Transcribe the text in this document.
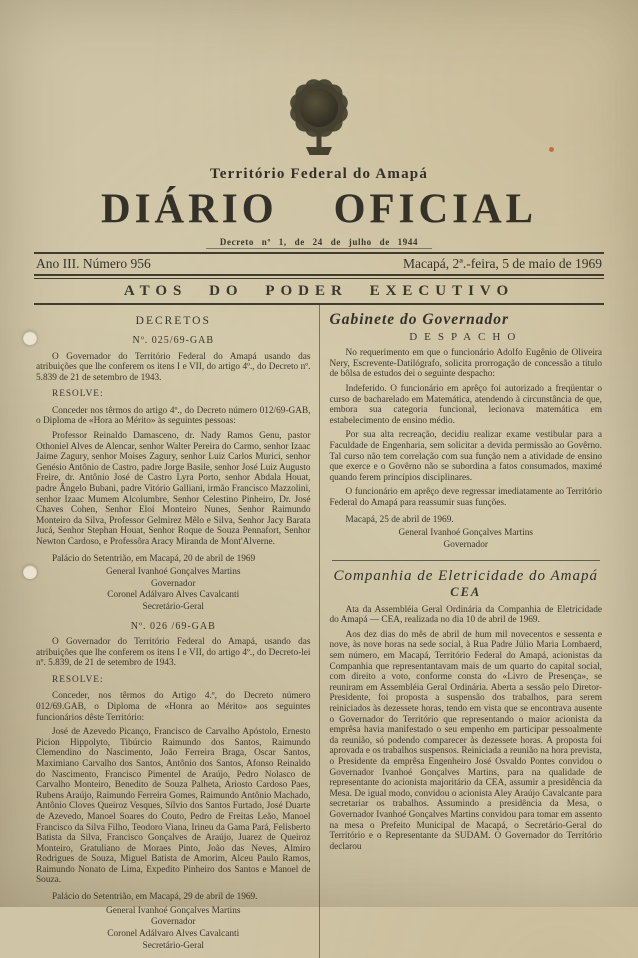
Território Federal do Amapá
DIÁRIO OFICIAL
Decreto nº 1, de 24 de julho de 1944
Ano III. Número 956	Macapá, 2ª.-feira, 5 de maio de 1969
ATOS DO PODER EXECUTIVO
DECRETOS
Nº. 025/69-GAB

O Governador do Território Federal do Amapá usando das atribuições que lhe conferem os itens I e VII, do artigo 4º., do Decreto nº. 5.839 de 21 de setembro de 1943.

RESOLVE:

Conceder nos têrmos do artigo 4º., do Decreto número 012/69-GAB, o Diploma de «Hora ao Mérito» às seguintes pessoas:

Professor Reinaldo Damasceno, dr. Nady Ramos Genu, pastor Othoniel Alves de Alencar, senhor Walter Pereira do Carmo, senhor Izaac Jaime Zagury, senhor Moises Zagury, senhor Luiz Carlos Murici, senhor Genésio Antônio de Castro, padre Jorge Basile, senhor José Luiz Augusto Freire, dr. Antônio José de Castro Lyra Porto, senhor Abdala Houat, padre Ângelo Bubani, padre Vitório Galliani, irmão Francisco Mazzolini, senhor Izaac Mumem Alcolumbre, Senhor Celestino Pinheiro, Dr. José Chaves Cohen, Senhor Eloí Monteiro Nunes, Senhor Raimundo Monteiro da Silva, Professor Gelmirez Mêlo e Silva, Senhor Jacy Barata Jucá, Senhor Stephan Houat, Senhor Roque de Souza Pennafort, Senhor Newton Cardoso, e Professôra Aracy Miranda de Mont'Alverne.

Palácio do Setentrião, em Macapá, 20 de abril de 1969

General Ivanhoé Gonçalves Martins
Governador
Coronel Adálvaro Alves Cavalcanti
Secretário-Geral
Nº. 026 /69-GAB

O Governador do Território Federal do Amapá, usando das atribuições que lhe conferem os itens I e VII, do artigo 4º., do Decreto-lei nº. 5.839, de 21 de setembro de 1943.

RESOLVE:

Conceder, nos têrmos do Artigo 4.º, do Decreto número 012/69.GAB, o Diploma de «Honra ao Mérito» aos seguintes funcionários dêste Território:

José de Azevedo Picanço, Francisco de Carvalho Apóstolo, Ernesto Picion Hippolyto, Tibúrcio Raimundo dos Santos, Raimundo Clemendino do Nascimento, João Ferreira Braga, Oscar Santos, Maximiano Carvalho dos Santos, Antônio dos Santos, Afonso Reinaldo do Nascimento, Francisco Pimentel de Araújo, Pedro Nolasco de Carvalho Monteiro, Benedito de Souza Palheta, Ariosto Cardoso Paes, Rubens Araújo, Raimundo Ferreira Gomes, Raimundo Antônio Machado, Antônio Cloves Queiroz Vesques, Sílvio dos Santos Furtado, José Duarte de Azevedo, Manoel Soares do Couto, Pedro de Freitas Leão, Manoel Francisco da Silva Filho, Teodoro Viana, Irineu da Gama Pará, Felisberto Batista da Silva, Francisco Gonçalves de Araújo, Juarez de Queiroz Monteiro, Gratuliano de Moraes Pinto, João das Neves, Almiro Rodrigues de Souza, Miguel Batista de Amorim, Alceu Paulo Ramos, Raimundo Nonato de Lima, Expedito Pinheiro dos Santos e Manoel de Souza.

Palácio do Setentrião, em Macapá, 29 de abril de 1969.

General Ivanhoé Gonçalves Martins
Governador
Coronel Adálvaro Alves Cavalcanti
Secretário-Geral
Gabinete do Governador
DESPACHO

No requerimento em que o funcionário Adolfo Eugênio de Oliveira Nery, Escrevente-Datilógrafo, solicita prorrogação de concessão a título de bôlsa de estudos dei o seguinte despacho:

Indeferido. O funcionário em aprêço foi autorizado a freqüentar o curso de bacharelado em Matemática, atendendo à circunstância de que, embora sua categoria funcional, lecionava matemática em estabelecimento de ensino médio.

Por sua alta recreação, decidiu realizar exame vestibular para a Faculdade de Engenharia, sem solicitar a devida permissão ao Govêrno. Tal curso não tem correlação com sua função nem a atividade de ensino que exerce e o Govêrno não se subordina a fatos consumados, maximé quando ferem princípios disciplinares.

O funcionário em aprêço deve regressar imediatamente ao Território Federal do Amapá para reassumir suas funções.

Macapá, 25 de abril de 1969.

General Ivanhoé Gonçalves Martins
Governador
Companhia de Eletricidade do Amapá
CEA

Ata da Assembléia Geral Ordinária da Companhia de Eletricidade do Amapá — CEA, realizada no dia 10 de abril de 1969.

Aos dez dias do mês de abril de hum mil novecentos e sessenta e nove, às nove horas na sede social, à Rua Padre Júlio Maria Lombaerd, sem número, em Macapá, Território Federal do Amapá, acionistas da Companhia que representantavam mais de um quarto do capital social, com direito a voto, conforme consta do «Livro de Presença», se reuniram em Assembléia Geral Ordinária. Aberta a sessão pelo Diretor-Presidente, foi proposta a suspensão dos trabalhos, para serem reiniciados às dezessete horas, tendo em vista que se encontrava ausente o Governador do Território que representando o maior acionista da emprêsa havia manifestado o seu empenho em participar pessoalmente da reunião, só podendo comparecer às dezessete horas. A proposta foi aprovada e os trabalhos suspensos. Reiniciada a reunião na hora prevista, o Presidente da emprêsa Engenheiro José Osvaldo Pontes convidou o Governador Ivanhoé Gonçalves Martins, para na qualidade de representante do acionista majoritário da CEA, assumir a presidência da Mesa. De igual modo, convidou o acionista Aley Araújo Cavalcante para secretariar os trabalhos. Assumindo a presidência da Mesa, o Governador Ivanhoé Gonçalves Martins convidou para tomar em assento na mesa o Prefeito Municipal de Macapá, o Secretário-Geral do Território e o Representante da SUDAM. O Governador do Território declarou
